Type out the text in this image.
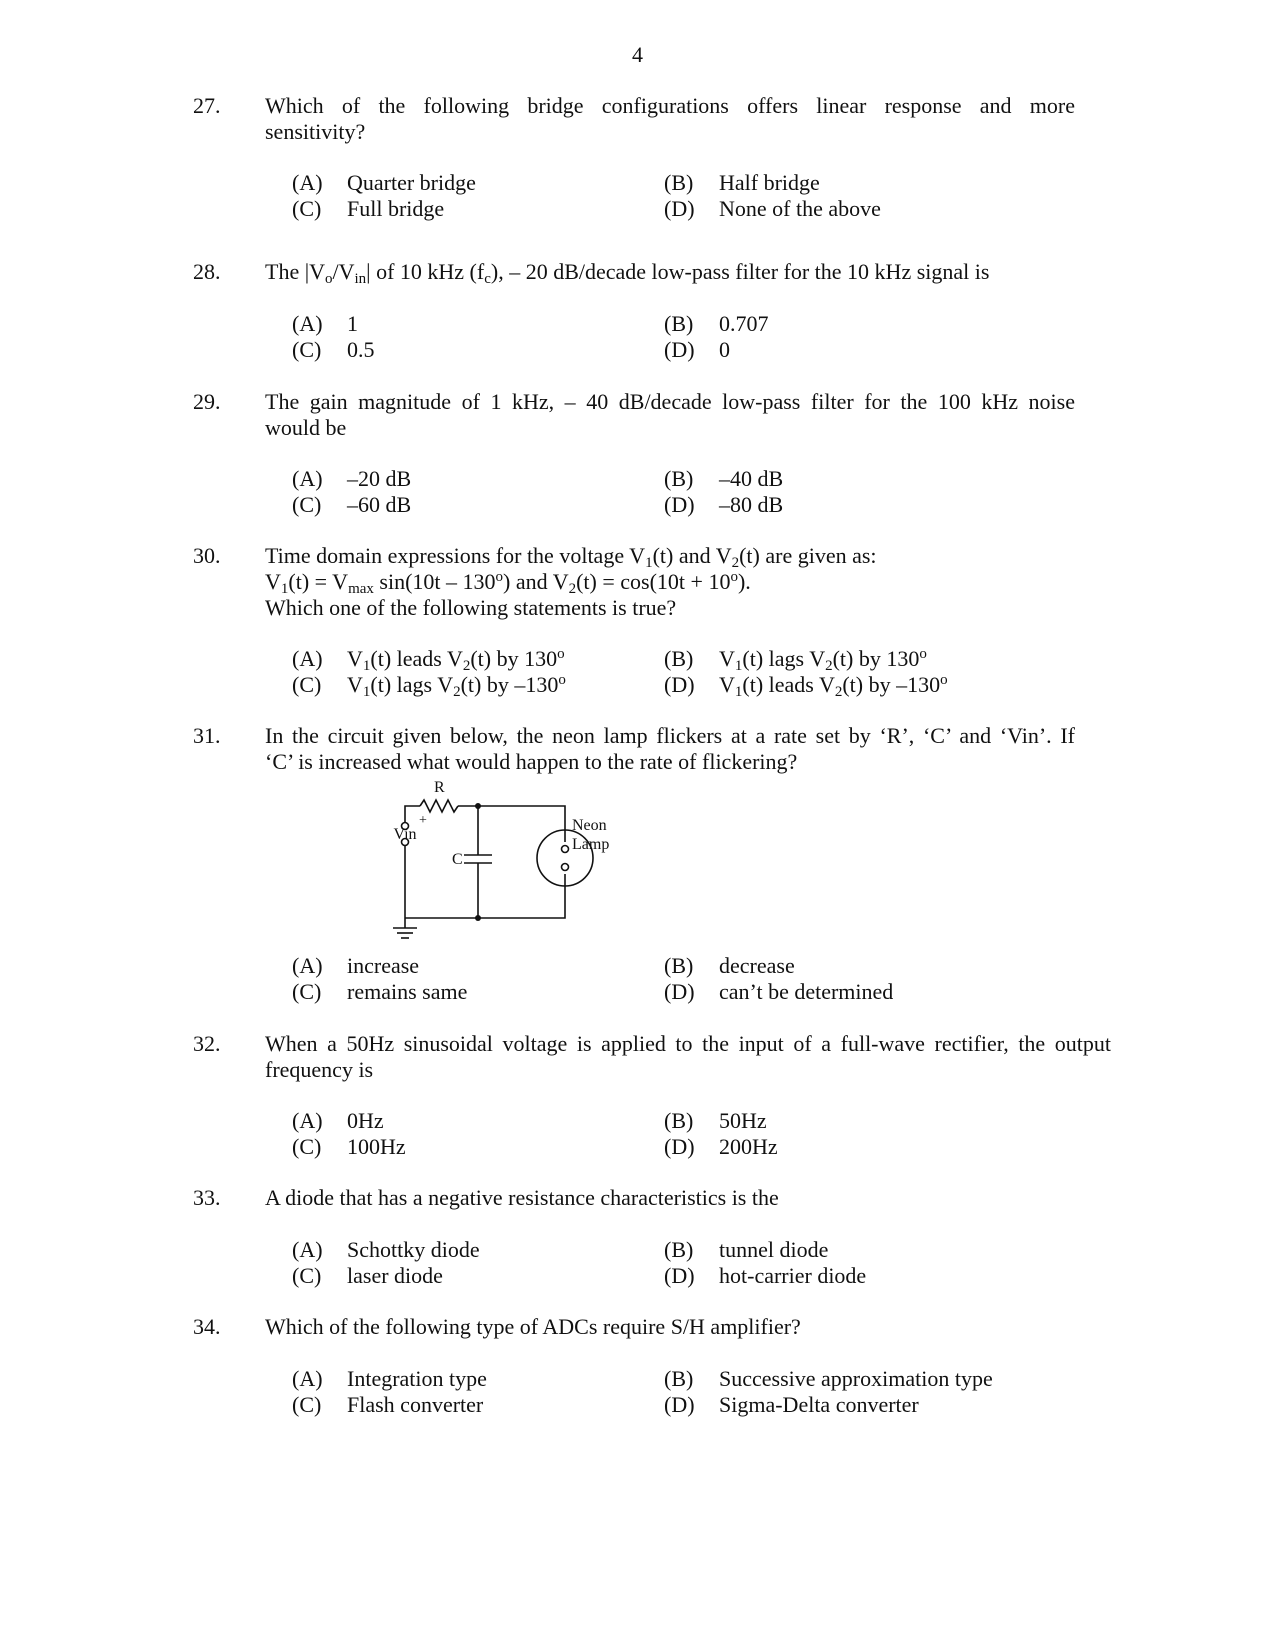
4
27. Which of the following bridge configurations offers linear response and more
sensitivity?
(A) Quarter bridge	(B) Half bridge
(C) Full bridge	(D) None of the above
28. The $|V_o/V_{in}|$ of 10 kHz $(f_c)$, – 20 dB/decade low-pass filter for the 10 kHz signal is
(A) 1	(B) 0.707
(C) 0.5	(D) 0
29. The gain magnitude of 1 kHz, – 40 dB/decade low-pass filter for the 100 kHz noise
would be
(A) –20 dB	(B) –40 dB
(C) –60 dB	(D) –80 dB
30. Time domain expressions for the voltage $V_1(t)$ and $V_2(t)$ are given as:
$V_1(t) = V_{max}$ sin(10t – 130$^o$) and $V_2(t) = \cos(10t + 10^o)$.
Which one of the following statements is true?
(A) $V_1(t)$ leads $V_2(t)$ by 130$^o$	(B) $V_1(t)$ lags $V_2(t)$ by 130$^o$
(C) $V_1(t)$ lags $V_2(t)$ by –130$^o$	(D) $V_1(t)$ leads $V_2(t)$ by –130$^o$
31. In the circuit given below, the neon lamp flickers at a rate set by ‘R’, ‘C’ and ‘Vin’. If
‘C’ is increased what would happen to the rate of flickering?
R
+
Vin
C
Neon
Lamp
(A) increase	(B) decrease
(C) remains same	(D) can’t be determined
32. When a 50Hz sinusoidal voltage is applied to the input of a full-wave rectifier, the output
frequency is
(A) 0Hz	(B) 50Hz
(C) 100Hz	(D) 200Hz
33. A diode that has a negative resistance characteristics is the
(A) Schottky diode	(B) tunnel diode
(C) laser diode	(D) hot-carrier diode
34. Which of the following type of ADCs require S/H amplifier?
(A) Integration type	(B) Successive approximation type
(C) Flash converter	(D) Sigma-Delta converter
